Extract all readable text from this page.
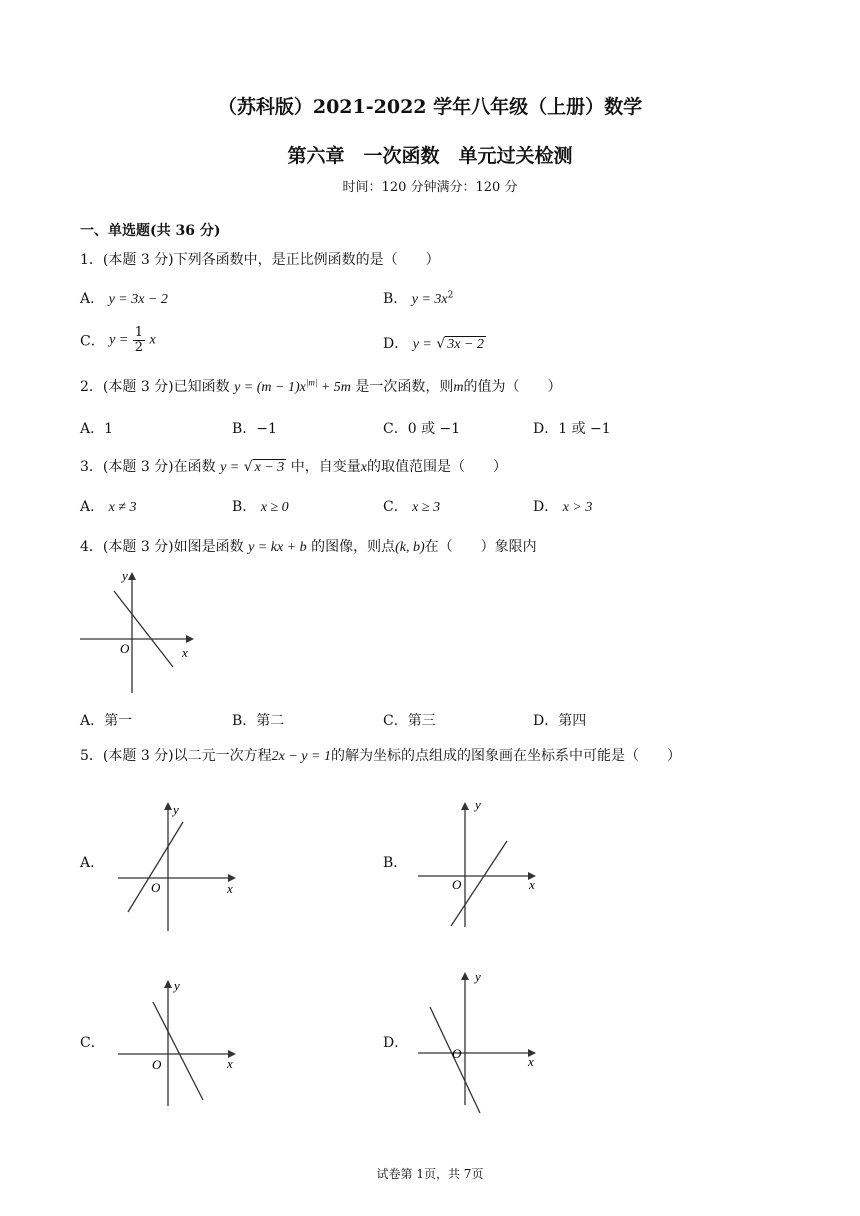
（苏科版）2021-2022 学年八年级（上册）数学
第六章　一次函数　单元过关检测
时间：120 分钟满分：120 分
一、单选题(共 36 分)
1．(本题 3 分)下列各函数中，是正比例函数的是（　　）
A． y = 3x − 2	B． $y = 3x^2$
C． $y = \frac{1}{2}$ x	D． y = √ 3x − 2
2．(本题 3 分)已知函数 $y = (m - 1)x^{|m|} + 5m$ 是一次函数，则m的值为（　　）
A．1	B．−1	C．0 或 −1	D．1 或 −1
3．(本题 3 分)在函数 y = √ x − 3 中，自变量x的取值范围是（　　）
A． x ≠ 3	B． x ≥ 0	C． x ≥ 3	D． x > 3
4．(本题 3 分)如图是函数 y = kx + b 的图像，则点(k, b)在（　　）象限内
x
y
O
A．第一	B．第二	C．第三	D．第四
5．(本题 3 分)以二元一次方程2x − y = 1的解为坐标的点组成的图象画在坐标系中可能是（　　）
A．
x
y
O
B．
x
y
O
C．
x
y
O
D．
x
y
O
试卷第 1页，共 7页
